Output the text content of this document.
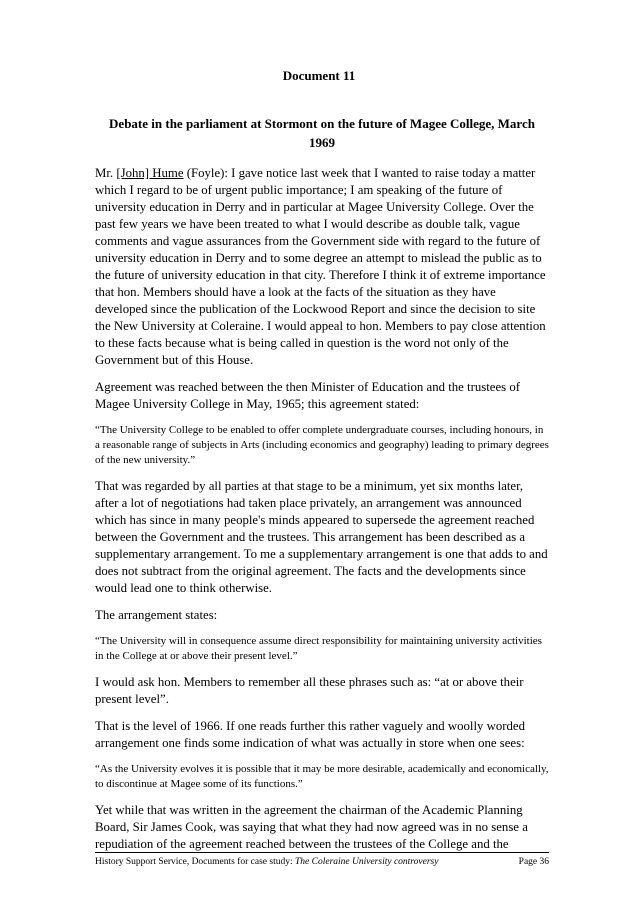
Document 11
Debate in the parliament at Stormont on the future of Magee College, March 1969

Mr. [John] Hume (Foyle): I gave notice last week that I wanted to raise today a matter which I regard to be of urgent public importance; I am speaking of the future of university education in Derry and in particular at Magee University College. Over the past few years we have been treated to what I would describe as double talk, vague comments and vague assurances from the Government side with regard to the future of university education in Derry and to some degree an attempt to mislead the public as to the future of university education in that city. Therefore I think it of extreme importance that hon. Members should have a look at the facts of the situation as they have developed since the publication of the Lockwood Report and since the decision to site the New University at Coleraine. I would appeal to hon. Members to pay close attention to these facts because what is being called in question is the word not only of the Government but of this House.

Agreement was reached between the then Minister of Education and the trustees of Magee University College in May, 1965; this agreement stated:

“The University College to be enabled to offer complete undergraduate courses, including honours, in a reasonable range of subjects in Arts (including economics and geography) leading to primary degrees of the new university.”

That was regarded by all parties at that stage to be a minimum, yet six months later, after a lot of negotiations had taken place privately, an arrangement was announced which has since in many people's minds appeared to supersede the agreement reached between the Government and the trustees. This arrangement has been described as a supplementary arrangement. To me a supplementary arrangement is one that adds to and does not subtract from the original agreement. The facts and the developments since would lead one to think otherwise.

The arrangement states:

“The University will in consequence assume direct responsibility for maintaining university activities in the College at or above their present level.”

I would ask hon. Members to remember all these phrases such as: “at or above their present level”.

That is the level of 1966. If one reads further this rather vaguely and woolly worded arrangement one finds some indication of what was actually in store when one sees:

“As the University evolves it is possible that it may be more desirable, academically and economically, to discontinue at Magee some of its functions.”

Yet while that was written in the agreement the chairman of the Academic Planning Board, Sir James Cook, was saying that what they had now agreed was in no sense a repudiation of the agreement reached between the trustees of the College and the

History Support Service, Documents for case study: The Coleraine University controversy	Page 36
